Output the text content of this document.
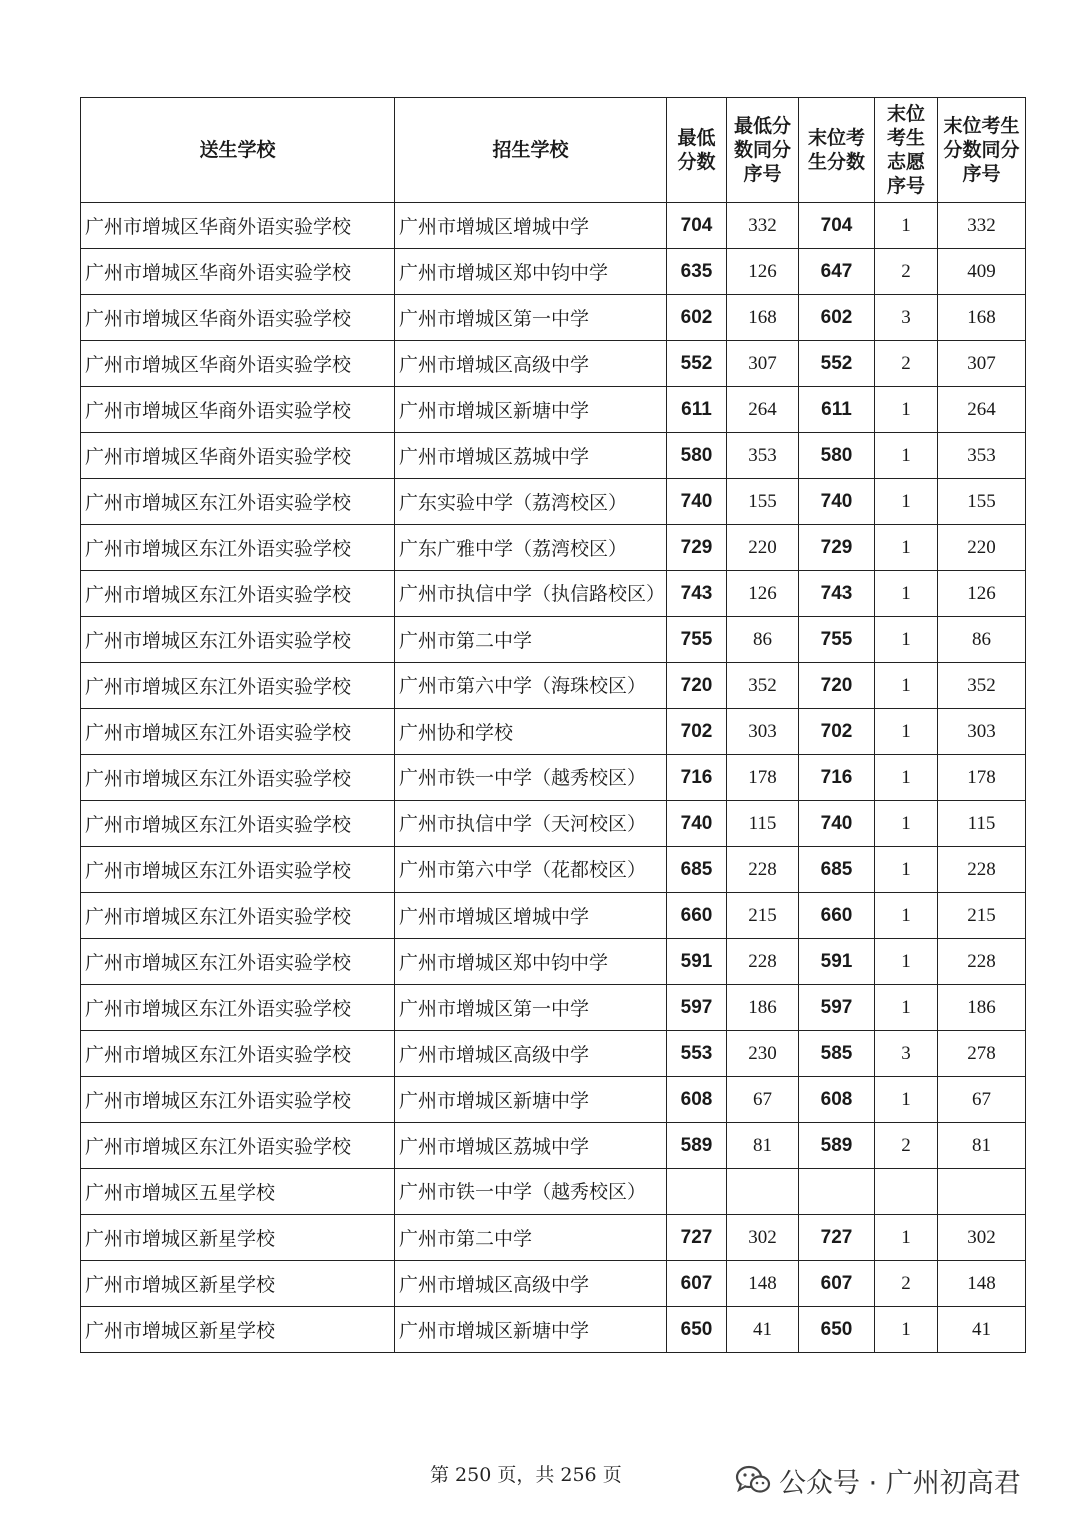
送生学校	招生学校	最低分数	最低分数同分序号	末位考生分数	末位考生志愿序号	末位考生分数同分序号

广州市增城区华商外语实验学校	广州市增城区增城中学	704	332	704	1	332
广州市增城区华商外语实验学校	广州市增城区郑中钧中学	635	126	647	2	409
广州市增城区华商外语实验学校	广州市增城区第一中学	602	168	602	3	168
广州市增城区华商外语实验学校	广州市增城区高级中学	552	307	552	2	307
广州市增城区华商外语实验学校	广州市增城区新塘中学	611	264	611	1	264
广州市增城区华商外语实验学校	广州市增城区荔城中学	580	353	580	1	353
广州市增城区东江外语实验学校	广东实验中学（荔湾校区）	740	155	740	1	155
广州市增城区东江外语实验学校	广东广雅中学（荔湾校区）	729	220	729	1	220
广州市增城区东江外语实验学校	广州市执信中学（执信路校区）	743	126	743	1	126
广州市增城区东江外语实验学校	广州市第二中学	755	86	755	1	86
广州市增城区东江外语实验学校	广州市第六中学（海珠校区）	720	352	720	1	352
广州市增城区东江外语实验学校	广州协和学校	702	303	702	1	303
广州市增城区东江外语实验学校	广州市铁一中学（越秀校区）	716	178	716	1	178
广州市增城区东江外语实验学校	广州市执信中学（天河校区）	740	115	740	1	115
广州市增城区东江外语实验学校	广州市第六中学（花都校区）	685	228	685	1	228
广州市增城区东江外语实验学校	广州市增城区增城中学	660	215	660	1	215
广州市增城区东江外语实验学校	广州市增城区郑中钧中学	591	228	591	1	228
广州市增城区东江外语实验学校	广州市增城区第一中学	597	186	597	1	186
广州市增城区东江外语实验学校	广州市增城区高级中学	553	230	585	3	278
广州市增城区东江外语实验学校	广州市增城区新塘中学	608	67	608	1	67
广州市增城区东江外语实验学校	广州市增城区荔城中学	589	81	589	2	81
广州市增城区五星学校	广州市铁一中学（越秀校区）					
广州市增城区新星学校	广州市第二中学	727	302	727	1	302
广州市增城区新星学校	广州市增城区高级中学	607	148	607	2	148
广州市增城区新星学校	广州市增城区新塘中学	650	41	650	1	41
第 250 页，共 256 页	公众号 · 广州初高君
